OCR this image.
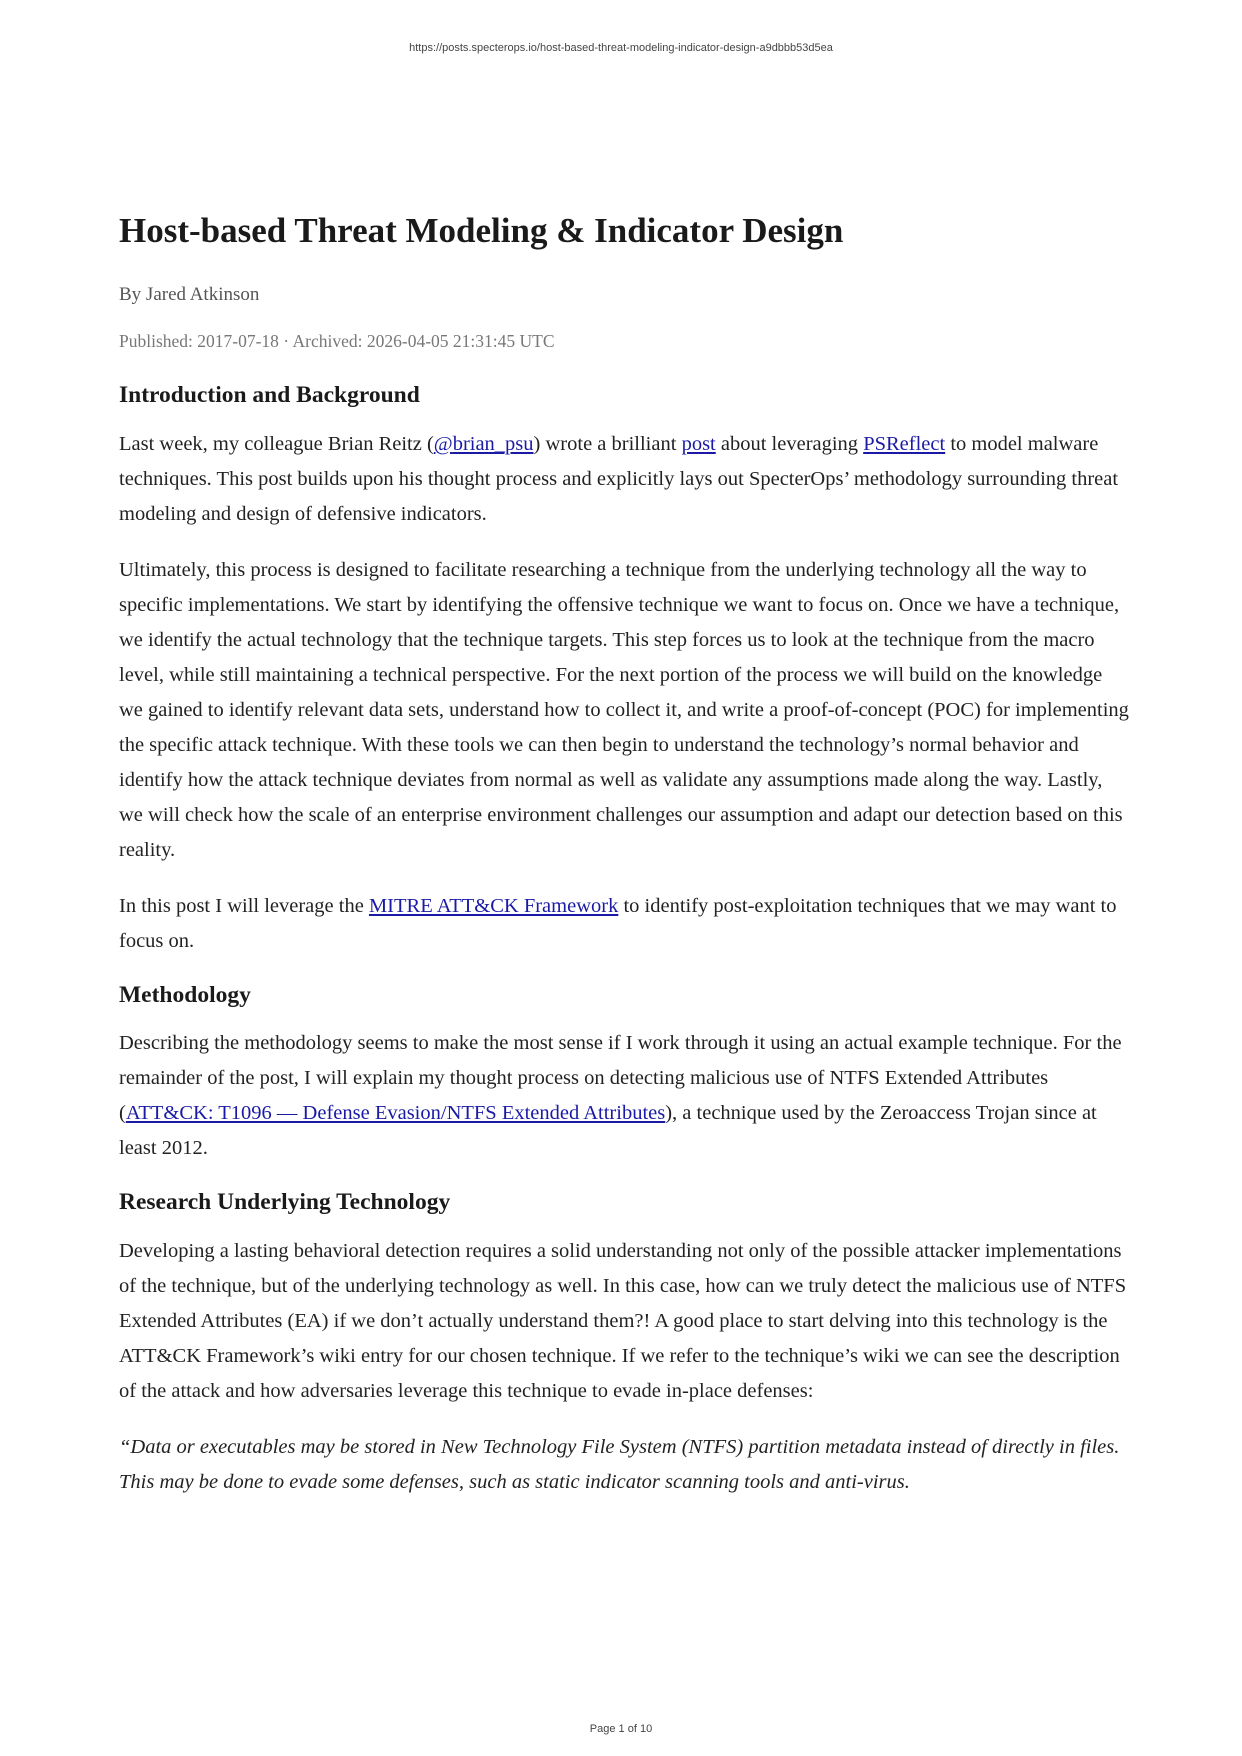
https://posts.specterops.io/host-based-threat-modeling-indicator-design-a9dbbb53d5ea

Host-based Threat Modeling & Indicator Design
By Jared Atkinson
Published: 2017-07-18 · Archived: 2026-04-05 21:31:45 UTC
Introduction and Background

Last week, my colleague Brian Reitz (@brian_psu) wrote a brilliant post about leveraging PSReflect to model malware techniques. This post builds upon his thought process and explicitly lays out SpecterOps’ methodology surrounding threat modeling and design of defensive indicators.

Ultimately, this process is designed to facilitate researching a technique from the underlying technology all the way to specific implementations. We start by identifying the offensive technique we want to focus on. Once we have a technique, we identify the actual technology that the technique targets. This step forces us to look at the technique from the macro level, while still maintaining a technical perspective. For the next portion of the process we will build on the knowledge we gained to identify relevant data sets, understand how to collect it, and write a proof-of-concept (POC) for implementing the specific attack technique. With these tools we can then begin to understand the technology’s normal behavior and identify how the attack technique deviates from normal as well as validate any assumptions made along the way. Lastly, we will check how the scale of an enterprise environment challenges our assumption and adapt our detection based on this reality.

In this post I will leverage the MITRE ATT&CK Framework to identify post-exploitation techniques that we may want to focus on.

Methodology

Describing the methodology seems to make the most sense if I work through it using an actual example technique. For the remainder of the post, I will explain my thought process on detecting malicious use of NTFS Extended Attributes (ATT&CK: T1096 — Defense Evasion/NTFS Extended Attributes), a technique used by the Zeroaccess Trojan since at least 2012.

Research Underlying Technology

Developing a lasting behavioral detection requires a solid understanding not only of the possible attacker implementations of the technique, but of the underlying technology as well. In this case, how can we truly detect the malicious use of NTFS Extended Attributes (EA) if we don’t actually understand them?! A good place to start delving into this technology is the ATT&CK Framework’s wiki entry for our chosen technique. If we refer to the technique’s wiki we can see the description of the attack and how adversaries leverage this technique to evade in-place defenses:

“Data or executables may be stored in New Technology File System (NTFS) partition metadata instead of directly in files. This may be done to evade some defenses, such as static indicator scanning tools and anti-virus.

Page 1 of 10
